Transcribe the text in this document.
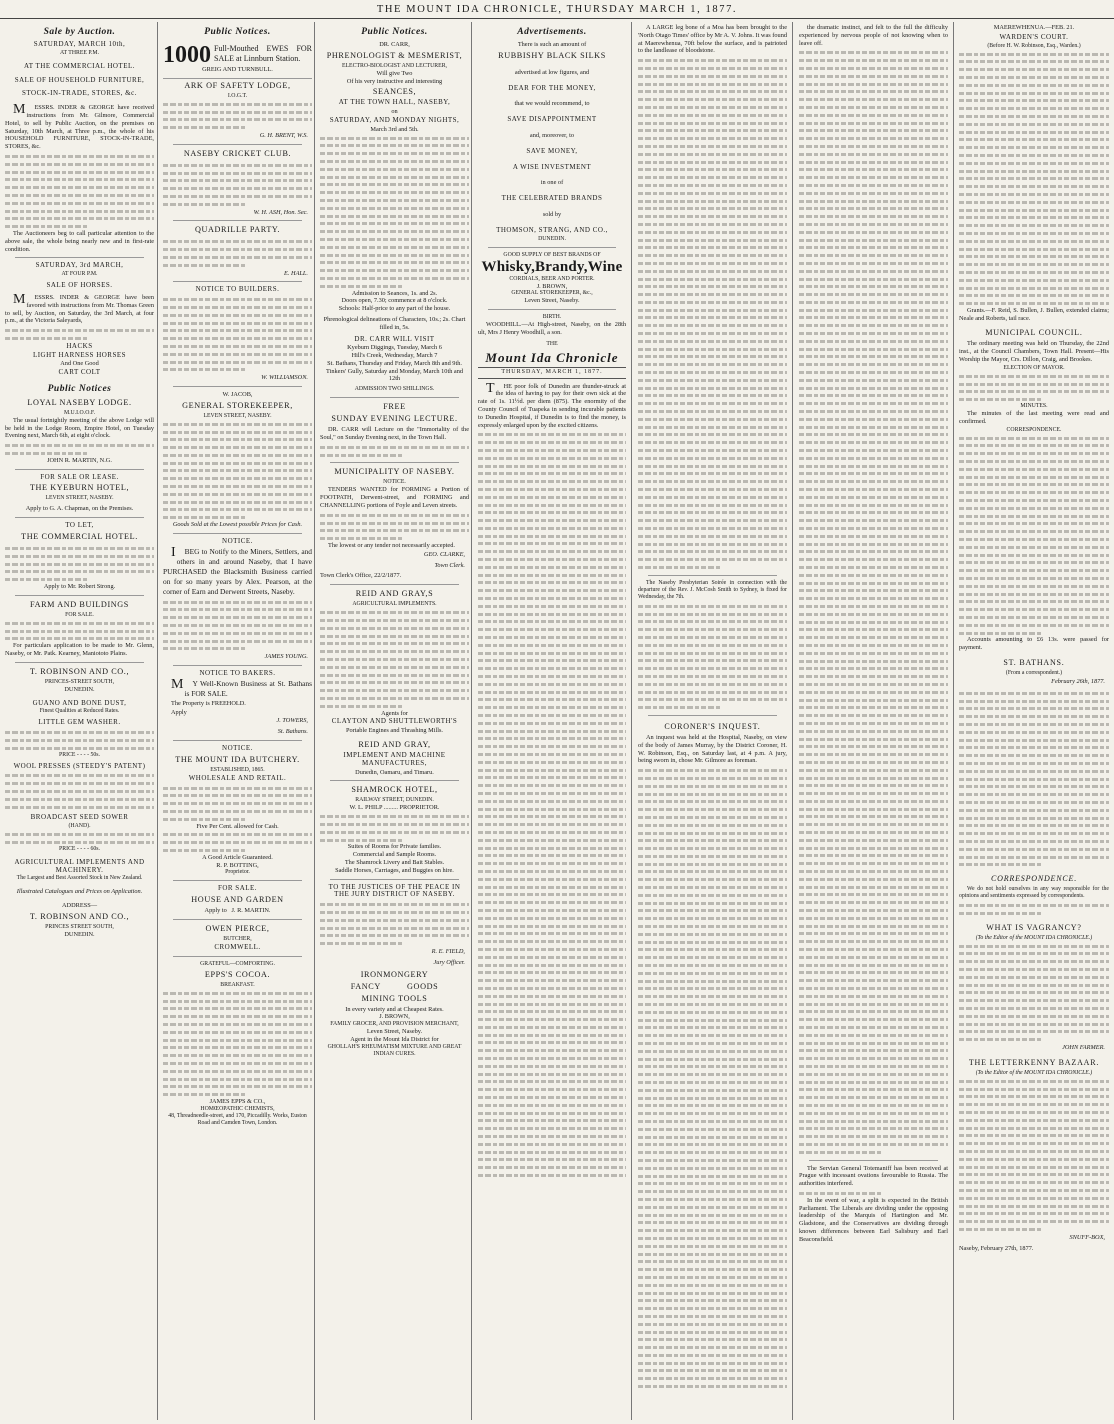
THE MOUNT IDA CHRONICLE, THURSDAY MARCH 1, 1877.
Sale by Auction.
SATURDAY, MARCH 10th,
AT THREE P.M.
AT THE COMMERCIAL HOTEL.
SALE OF HOUSEHOLD FURNITURE,
STOCK-IN-TRADE, STORES, &c.

MESSRS. INDER & GEORGE have received instructions from Mr. Gilmore, Commercial Hotel, to sell by Public Auction, on the premises on Saturday, 10th March, at Three p.m., the whole of his HOUSEHOLD FURNITURE, STOCK-IN-TRADE, STORES, &c.

The Auctioneers beg to call particular attention to the above sale, the whole being nearly new and in first-rate condition.

SATURDAY, 3rd MARCH,
AT FOUR P.M.
SALE OF HORSES.

MESSRS. INDER & GEORGE have been favored with instructions from Mr. Thomas Green to sell, by Auction, on Saturday, the 3rd March, at four p.m., at the Victoria Saleyards,

HACKS
LIGHT HARNESS HORSES
And One Good
CART COLT
Public Notices
LOYAL NASEBY LODGE.
M.U.I.O.O.F.

The usual fortnightly meeting of the above Lodge will be held in the Lodge Room, Empire Hotel, on Tuesday Evening next, March 6th, at eight o'clock.

JOHN R. MARTIN, N.G.
FOR SALE OR LEASE.
THE KYEBURN HOTEL,
LEVEN STREET, NASEBY.
Apply to G. A. Chapman, on the Premises.
TO LET,
THE COMMERCIAL HOTEL.

Apply to Mr. Robert Strong.
FARM AND BUILDINGS
FOR SALE.

For particulars application to be made to Mr. Glenn, Naseby, or Mr. Patk. Kearney, Maniototo Plains.

T. ROBINSON AND CO.,
PRINCES-STREET SOUTH,
DUNEDIN.
GUANO AND BONE DUST,
Finest Qualities at Reduced Rates.
LITTLE GEM WASHER.

PRICE - - - - 50s.
WOOL PRESSES (STEEDY'S PATENT)

BROADCAST SEED SOWER
(HAND).

PRICE - - - - 60s.
AGRICULTURAL IMPLEMENTS AND MACHINERY.
The Largest and Best Assorted Stock in New Zealand.
Illustrated Catalogues and Prices on Application.
ADDRESS—
T. ROBINSON AND CO.,
PRINCES STREET SOUTH,
DUNEDIN.
Public Notices.
1000 Full-Mouthed EWES FOR SALE at Linnburn Station.
GREIG AND TURNBULL.
ARK OF SAFETY LODGE,
I.O.G.T.

G. H. BRENT, W.S.
NASEBY CRICKET CLUB.

W. H. ASH, Hon. Sec.
QUADRILLE PARTY.

E. HALL.
NOTICE TO BUILDERS.

W. WILLIAMSON.
W. JACOB,
GENERAL STOREKEEPER,
LEVEN STREET, NASEBY.

Goods Sold at the Lowest possible Prices for Cash.
NOTICE.

IBEG to Notify to the Miners, Settlers, and others in and around Naseby, that I have PURCHASED the Blacksmith Business carried on for so many years by Alex. Pearson, at the corner of Earn and Derwent Streets, Naseby.

JAMES YOUNG.
NOTICE TO BAKERS.

MY Well-Known Business at St. Bathans is FOR SALE.

The Property is FREEHOLD.

Apply

J. TOWERS,
St. Bathans.
NOTICE.
THE MOUNT IDA BUTCHERY.
ESTABLISHED, 1865.
WHOLESALE AND RETAIL.

Five Per Cent. allowed for Cash.

A Good Article Guaranteed.
R. P. BOTTING,
Proprietor.
FOR SALE.
HOUSE AND GARDEN
Apply to J. R. MARTIN.
OWEN PIERCE,
BUTCHER,
CROMWELL.
GRATEFUL—COMFORTING.
EPPS'S COCOA.
BREAKFAST.

JAMES EPPS & CO.,
HOMŒOPATHIC CHEMISTS,
48, Threadneedle-street, and 170, Piccadilly. Works, Euston Road and Camden Town, London.
Public Notices.
DR. CARR,
PHRENOLOGIST & MESMERIST,
ELECTRO-BIOLOGIST AND LECTURER,
Will give Two
Of his very instructive and interesting
SEANCES,
AT THE TOWN HALL, NASEBY,
on
SATURDAY, AND MONDAY NIGHTS,
March 3rd and 5th.

Admission to Seances, 1s. and 2s.
Doors open, 7.30; commence at 8 o'clock.
Schools: Half-price to any part of the house.
Phrenological delineations of Characters, 10s.; 2s. Chart filled in, 5s.
DR. CARR WILL VISIT
Kyeburn Diggings, Tuesday, March 6
Hill's Creek, Wednesday, March 7
St. Bathans, Thursday and Friday, March 8th and 9th.
Tinkers' Gully, Saturday and Monday, March 10th and 12th
ADMISSION TWO SHILLINGS.
FREE
SUNDAY EVENING LECTURE.

DR. CARR will Lecture on the "Immortality of the Soul," on Sunday Evening next, in the Town Hall.

MUNICIPALITY OF NASEBY.
NOTICE.

TENDERS WANTED for FORMING a Portion of FOOTPATH, Derwent-street, and FORMING and CHANNELLING portions of Foyle and Leven streets.

The lowest or any tender not necessarily accepted.

GEO. CLARKE,
Town Clerk.
Town Clerk's Office, 22/2/1877.
REID AND GRAY,S
AGRICULTURAL IMPLEMENTS.

Agents for
CLAYTON AND SHUTTLEWORTH'S
Portable Engines and Thrashing Mills.
REID AND GRAY,
IMPLEMENT AND MACHINE MANUFACTURES,
Dunedin, Oamaru, and Timaru.
SHAMROCK HOTEL,
RAILWAY STREET, DUNEDIN.
W. L. PHILP ......... PROPRIETOR.

Suites of Rooms for Private families.
Commercial and Sample Rooms.
The Shamrock Livery and Bait Stables.
Saddle Horses, Carriages, and Buggies on hire.
TO THE JUSTICES OF THE PEACE IN THE JURY DISTRICT OF NASEBY.

R. E. FIELD,
Jury Officer.
IRONMONGERY
FANCY	GOODS
MINING TOOLS
In every variety and at Cheapest Rates.
J. BROWN,
FAMILY GROCER, AND PROVISION MERCHANT,
Leven Street, Naseby.
Agent in the Mount Ida District for
GHOLLAH'S RHEUMATISM MIXTURE AND GREAT INDIAN CURES.
Advertisements.
There is such an amount of
RUBBISHY BLACK SILKS
advertised at low figures, and
DEAR FOR THE MONEY,
that we would recommend, to
SAVE DISAPPOINTMENT
and, moreover, to
SAVE MONEY,
A WISE INVESTMENT
in one of
THE CELEBRATED BRANDS
sold by
THOMSON, STRANG, AND CO.,
DUNEDIN.
GOOD SUPPLY OF BEST BRANDS OF
Whisky,Brandy,Wine
CORDIALS, BEER AND PORTER.
J. BROWN,
GENERAL STOREKEEPER, &c.,
Leven Street, Naseby.
BIRTH.

WOODHILL.—At High-street, Naseby, on the 28th ult, Mrs J Henry Woodhill, a son.

THE
Mount Ida Chronicle
THURSDAY, MARCH 1, 1877.

THE poor folk of Dunedin are thunder-struck at the idea of having to pay for their own sick at the rate of 1s. 11½d. per diem (875). The enormity of the County Council of Tuapeka in sending incurable patients to Dunedin Hospital, if Dunedin is to find the money, is expressly enlarged upon by the excited citizens.

A LARGE leg bone of a Moa has been brought to the 'North Otago Times' office by Mr A. V. Johns. It was found at Maerewhenua, 70ft below the surface, and is patrioted to the landlease of bloodstone.

The Naseby Presbyterian Soirée in connection with the departure of the Rev. J. McCosh Smith to Sydney, is fixed for Wednesday, the 7th.

CORONER'S INQUEST.

An inquest was held at the Hospital, Naseby, on view of the body of James Murray, by the District Coroner, H. W. Robinson, Esq., on Saturday last, at 4 p.m. A jury, being sworn in, chose Mr. Gilmore as foreman.

the dramatic instinct, and felt to the full the difficulty experienced by nervous people of not knowing when to leave off.

The Servian General Totemaniff has been received at Prague with incessant ovations favourable to Russia. The authorities interfered.

In the event of war, a split is expected in the British Parliament. The Liberals are dividing under the opposing leadership of the Marquis of Hartington and Mr. Gladstone, and the Conservatives are dividing through known differences between Earl Salisbury and Earl Beaconsfield.

MAEREWHENUA.—FEB. 21.
WARDEN'S COURT.
(Before H. W. Robinson, Esq., Warden.)

Grants.—F. Reid, S. Bullen, J. Bullen, extended claims; Neale and Roberts, tail race.

MUNICIPAL COUNCIL.

The ordinary meeting was held on Thursday, the 22nd inst., at the Council Chambers, Town Hall. Present—His Worship the Mayor, Crs. Dillon, Craig, and Brookes.

ELECTION OF MAYOR.

MINUTES.

The minutes of the last meeting were read and confirmed.

CORRESPONDENCE.

Accounts amounting to £6 13s. were passed for payment.

ST. BATHANS.
(From a correspondent.)
February 26th, 1877.

CORRESPONDENCE.

We do not hold ourselves in any way responsible for the opinions and sentiments expressed by correspondents.

WHAT IS VAGRANCY?
(To the Editor of the MOUNT IDA CHRONICLE.)

JOHN FARMER.
THE LETTERKENNY BAZAAR.
(To the Editor of the MOUNT IDA CHRONICLE.)

SNUFF-BOX,
Naseby, February 27th, 1877.
